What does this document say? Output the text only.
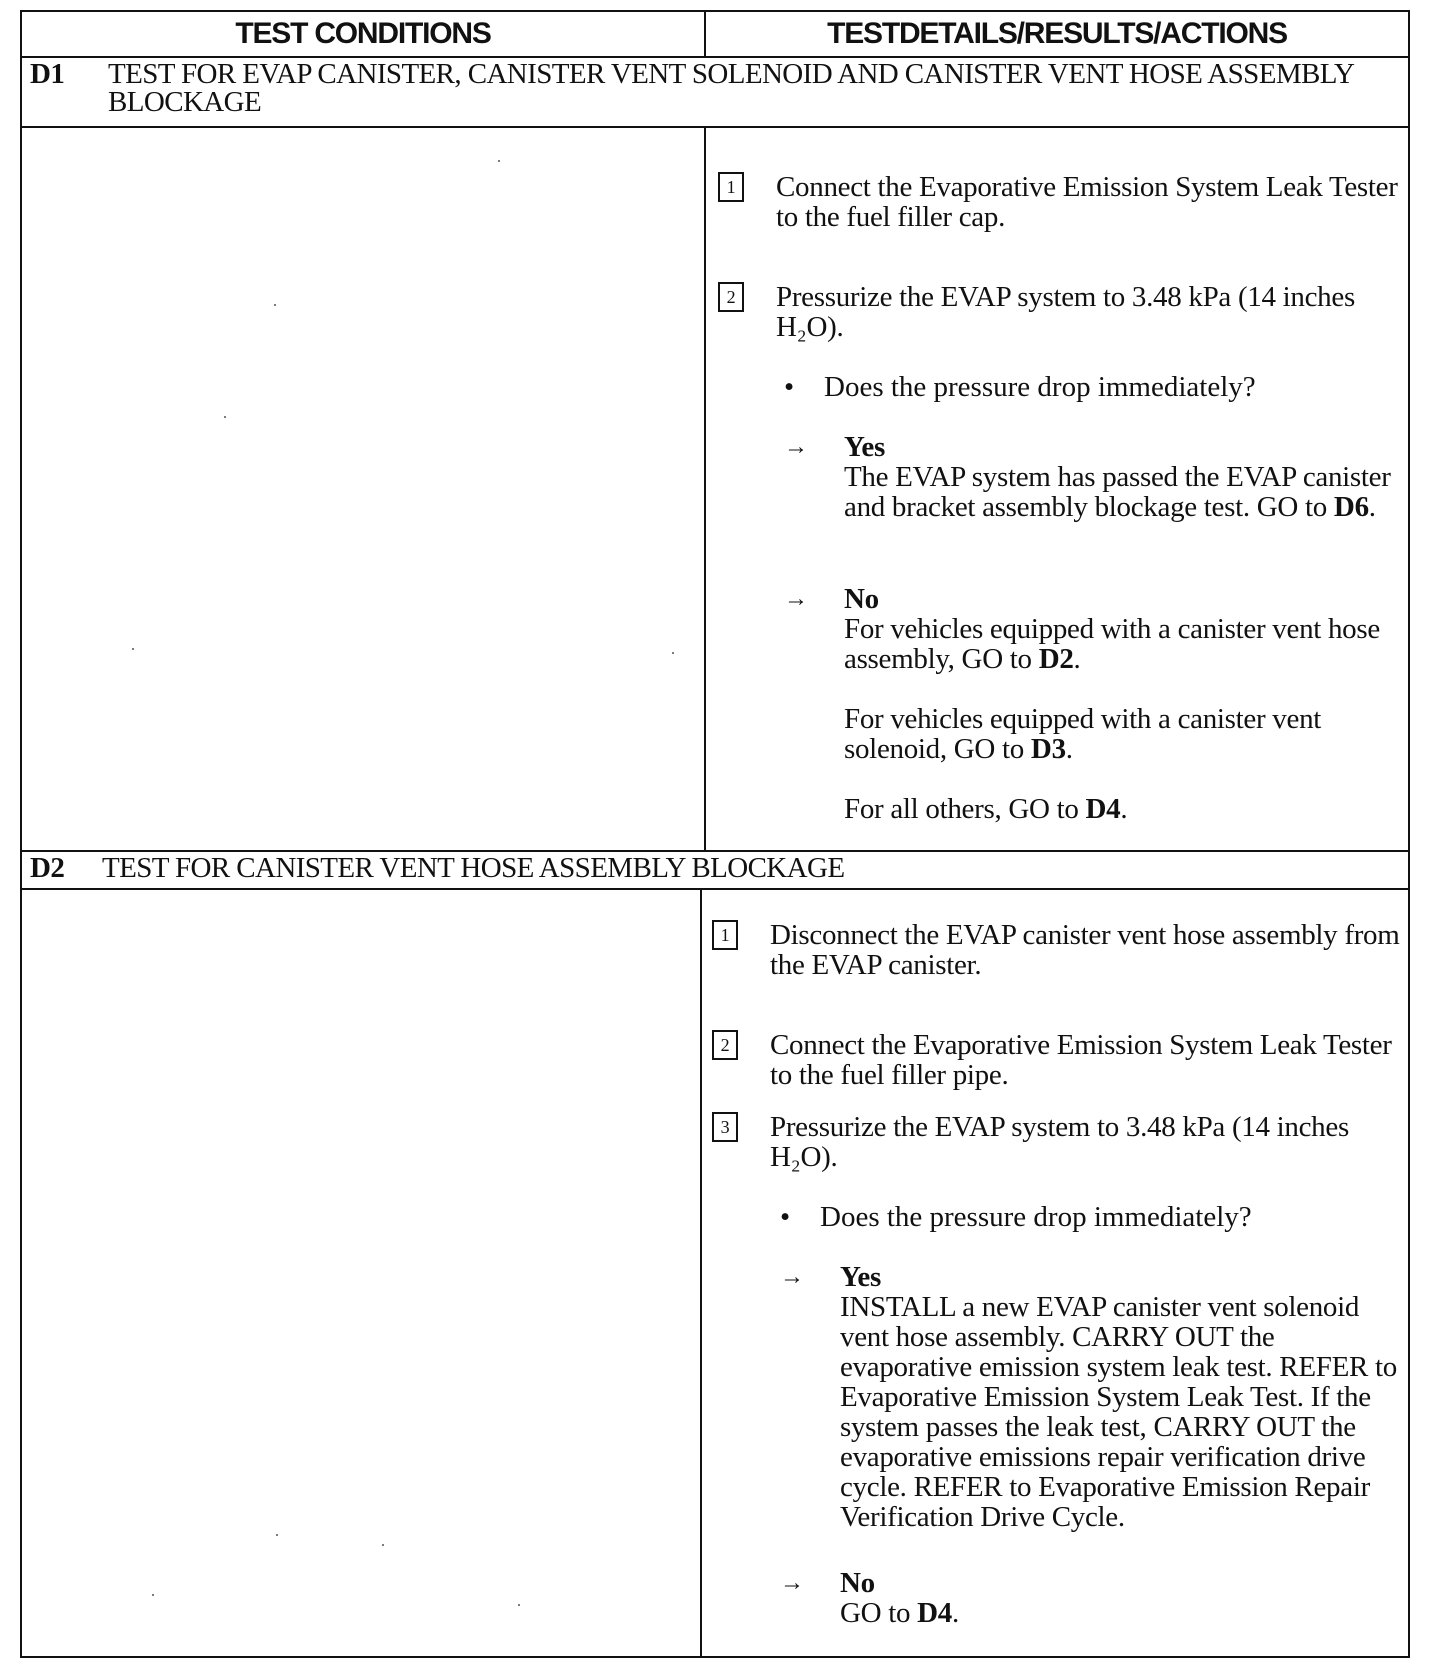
TEST CONDITIONS	TESTDETAILS/RESULTS/ACTIONS
D1 TEST FOR EVAP CANISTER, CANISTER VENT SOLENOID AND CANISTER VENT HOSE ASSEMBLY BLOCKAGE
1 Connect the Evaporative Emission System Leak Tester to the fuel filler cap.
2 Pressurize the EVAP system to 3.48 kPa (14 inches H₂O).
• Does the pressure drop immediately?
→ Yes
The EVAP system has passed the EVAP canister and bracket assembly blockage test. GO to D6.
→ No
For vehicles equipped with a canister vent hose assembly, GO to D2.
For vehicles equipped with a canister vent solenoid, GO to D3.
For all others, GO to D4.
D2 TEST FOR CANISTER VENT HOSE ASSEMBLY BLOCKAGE
1 Disconnect the EVAP canister vent hose assembly from the EVAP canister.
2 Connect the Evaporative Emission System Leak Tester to the fuel filler pipe.
3 Pressurize the EVAP system to 3.48 kPa (14 inches H₂O).
• Does the pressure drop immediately?
→ Yes
INSTALL a new EVAP canister vent solenoid vent hose assembly. CARRY OUT the evaporative emission system leak test. REFER to Evaporative Emission System Leak Test. If the system passes the leak test, CARRY OUT the evaporative emissions repair verification drive cycle. REFER to Evaporative Emission Repair Verification Drive Cycle.
→ No
GO to D4.
